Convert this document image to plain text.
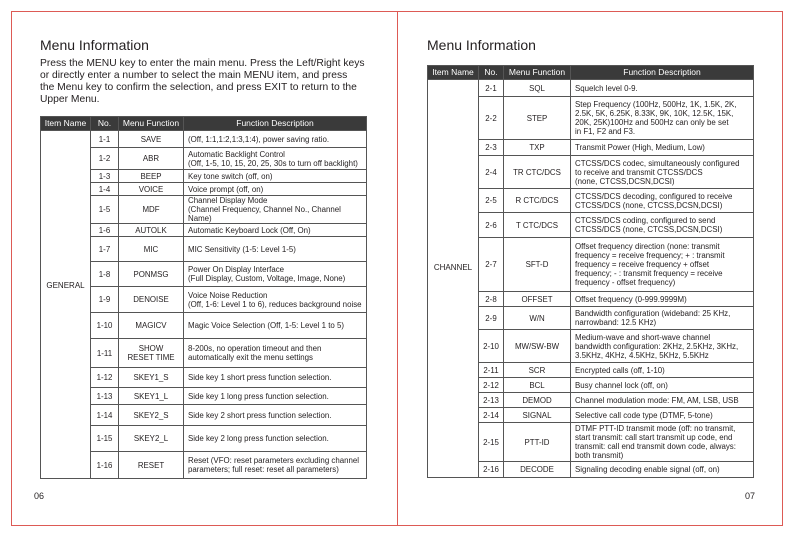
Menu Information

Press the MENU key to enter the main menu. Press the Left/Right keys
or directly enter a number to select the main MENU item, and press
the Menu key to confirm the selection, and press EXIT to return to the
Upper Menu.

Item Name	No.	Menu Function	Function Description
GENERAL	1-1	SAVE	(Off, 1:1,1:2,1:3,1:4), power saving ratio.
	1-2	ABR	Automatic Backlight Control
(Off, 1-5, 10, 15, 20, 25, 30s to turn off backlight)
	1-3	BEEP	Key tone switch (off, on)
	1-4	VOICE	Voice prompt (off, on)
	1-5	MDF	Channel Display Mode
(Channel Frequency, Channel No., Channel Name)
	1-6	AUTOLK	Automatic Keyboard Lock (Off, On)
	1-7	MIC	MIC Sensitivity (1-5: Level 1-5)
	1-8	PONMSG	Power On Display Interface
(Full Display, Custom, Voltage, Image, None)
	1-9	DENOISE	Voice Noise Reduction
(Off, 1-6: Level 1 to 6), reduces background noise
	1-10	MAGICV	Magic Voice Selection (Off, 1-5: Level 1 to 5)
	1-11	SHOW
RESET TIME	8-200s, no operation timeout and then
automatically exit the menu settings
	1-12	SKEY1_S	Side key 1 short press function selection.
	1-13	SKEY1_L	Side key 1 long press function selection.
	1-14	SKEY2_S	Side key 2 short press function selection.
	1-15	SKEY2_L	Side key 2 long press function selection.
	1-16	RESET	Reset (VFO: reset parameters excluding channel
parameters; full reset: reset all parameters)
06
Menu Information
Item Name	No.	Menu Function	Function Description
CHANNEL	2-1	SQL	Squelch level 0-9.
	2-2	STEP	Step Frequency (100Hz, 500Hz, 1K, 1.5K, 2K,
2.5K, 5K, 6.25K, 8.33K, 9K, 10K, 12.5K, 15K,
20K, 25K)100Hz and 500Hz can only be set
in F1, F2 and F3.
	2-3	TXP	Transmit Power (High, Medium, Low)
	2-4	TR CTC/DCS	CTCSS/DCS codec, simultaneously configured
to receive and transmit CTCSS/DCS
(none, CTCSS,DCSN,DCSI)
	2-5	R CTC/DCS	CTCSS/DCS decoding, configured to receive
CTCSS/DCS (none, CTCSS,DCSN,DCSI)
	2-6	T CTC/DCS	CTCSS/DCS coding, configured to send
CTCSS/DCS (none, CTCSS,DCSN,DCSI)
	2-7	SFT-D	Offset frequency direction (none: transmit
frequency = receive frequency; + : transmit
frequency = receive frequency + offset
frequency; - : transmit frequency = receive
frequency - offset frequency)
	2-8	OFFSET	Offset frequency (0-999.9999M)
	2-9	W/N	Bandwidth configuration (wideband: 25 KHz,
narrowband: 12.5 KHz)
	2-10	MW/SW-BW	Medium-wave and short-wave channel
bandwidth configuration: 2KHz, 2.5KHz, 3KHz,
3.5KHz, 4KHz, 4.5KHz, 5KHz, 5.5KHz
	2-11	SCR	Encrypted calls (off, 1-10)
	2-12	BCL	Busy channel lock (off, on)
	2-13	DEMOD	Channel modulation mode: FM, AM, LSB, USB
	2-14	SIGNAL	Selective call code type (DTMF, 5-tone)
	2-15	PTT-ID	DTMF PTT-ID transmit mode (off: no transmit,
start transmit: call start transmit up code, end
transmit: call end transmit down code, always:
both transmit)
	2-16	DECODE	Signaling decoding enable signal (off, on)
07
